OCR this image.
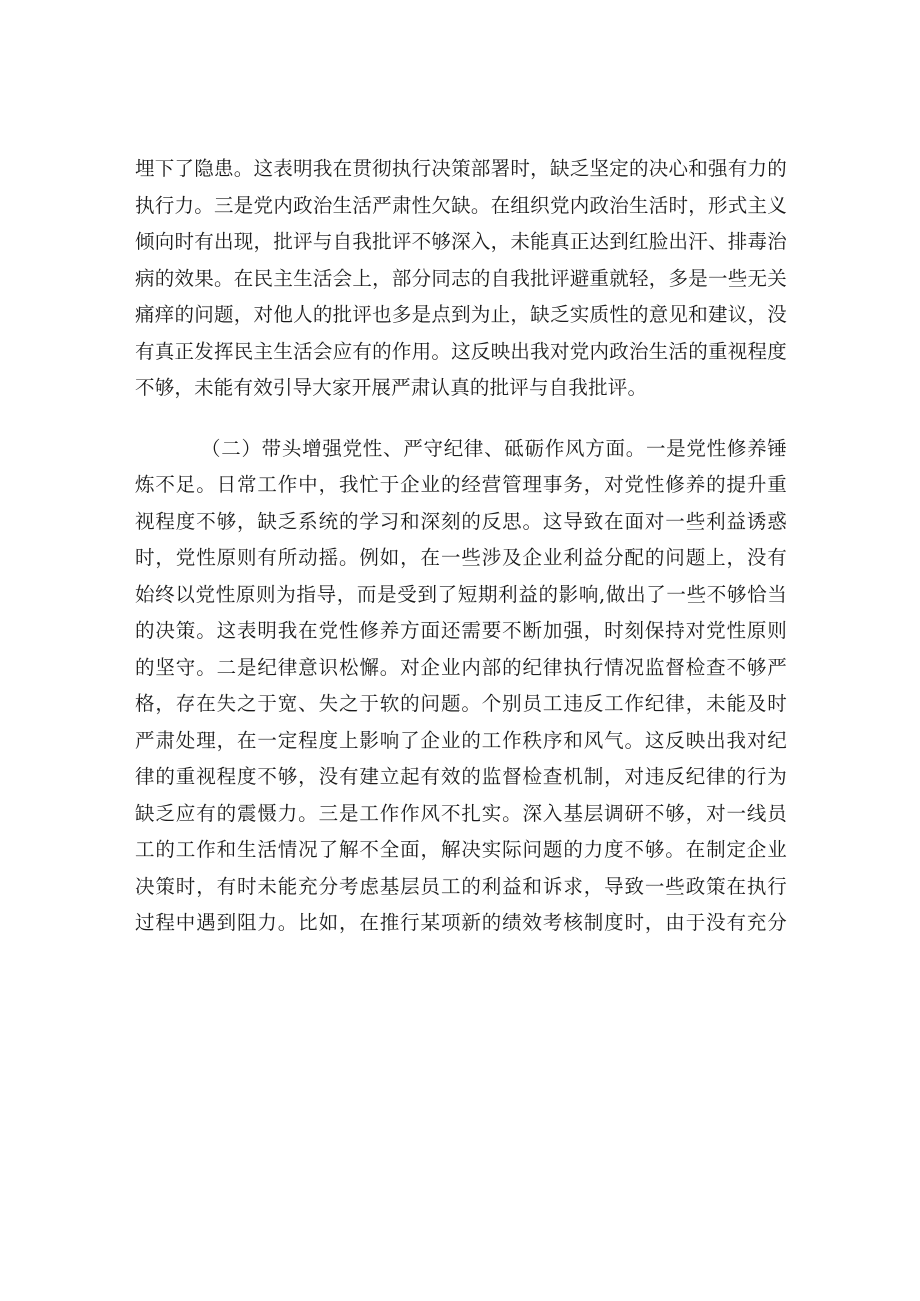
埋下了隐患。这表明我在贯彻执行决策部署时，缺乏坚定的决心和强有力的
执行力。三是党内政治生活严肃性欠缺。在组织党内政治生活时，形式主义
倾向时有出现，批评与自我批评不够深入，未能真正达到红脸出汗、排毒治
病的效果。在民主生活会上，部分同志的自我批评避重就轻，多是一些无关
痛痒的问题，对他人的批评也多是点到为止，缺乏实质性的意见和建议，没
有真正发挥民主生活会应有的作用。这反映出我对党内政治生活的重视程度
不够，未能有效引导大家开展严肃认真的批评与自我批评。
（二）带头增强党性、严守纪律、砥砺作风方面。一是党性修养锤
炼不足。日常工作中，我忙于企业的经营管理事务，对党性修养的提升重
视程度不够，缺乏系统的学习和深刻的反思。这导致在面对一些利益诱惑
时，党性原则有所动摇。例如，在一些涉及企业利益分配的问题上，没有
始终以党性原则为指导，而是受到了短期利益的影响,做出了一些不够恰当
的决策。这表明我在党性修养方面还需要不断加强，时刻保持对党性原则
的坚守。二是纪律意识松懈。对企业内部的纪律执行情况监督检查不够严
格，存在失之于宽、失之于软的问题。个别员工违反工作纪律，未能及时
严肃处理，在一定程度上影响了企业的工作秩序和风气。这反映出我对纪
律的重视程度不够，没有建立起有效的监督检查机制，对违反纪律的行为
缺乏应有的震慑力。三是工作作风不扎实。深入基层调研不够，对一线员
工的工作和生活情况了解不全面，解决实际问题的力度不够。在制定企业
决策时，有时未能充分考虑基层员工的利益和诉求，导致一些政策在执行
过程中遇到阻力。比如，在推行某项新的绩效考核制度时，由于没有充分
